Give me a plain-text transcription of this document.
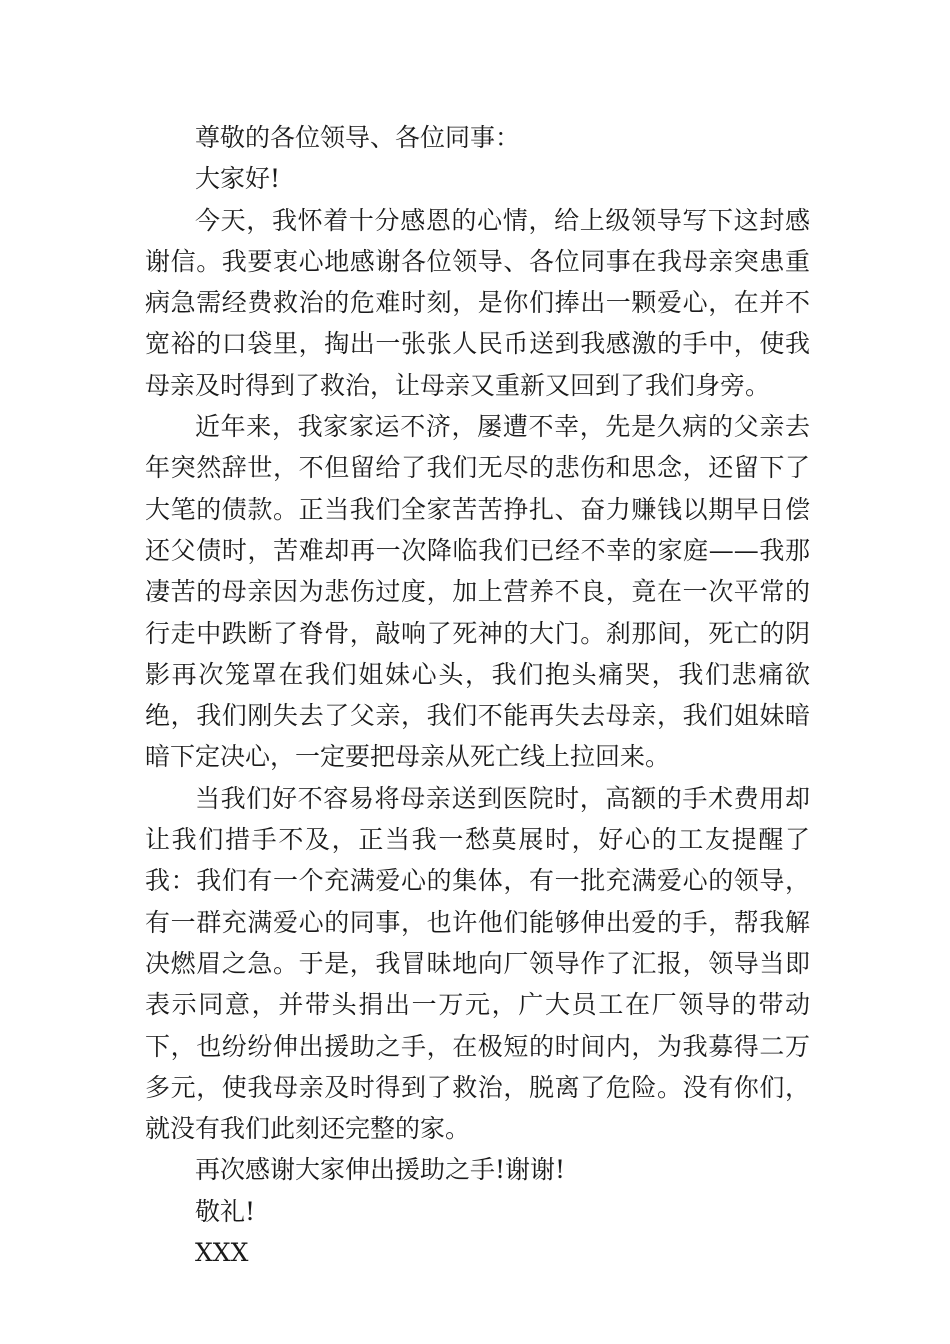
尊敬的各位领导、各位同事：

大家好!

今天，我怀着十分感恩的心情，给上级领导写下这封感谢信。我要衷心地感谢各位领导、各位同事在我母亲突患重病急需经费救治的危难时刻，是你们捧出一颗爱心，在并不宽裕的口袋里，掏出一张张人民币送到我感激的手中，使我母亲及时得到了救治，让母亲又重新又回到了我们身旁。

近年来，我家家运不济，屡遭不幸，先是久病的父亲去年突然辞世，不但留给了我们无尽的悲伤和思念，还留下了大笔的债款。正当我们全家苦苦挣扎、奋力赚钱以期早日偿还父债时，苦难却再一次降临我们已经不幸的家庭——我那凄苦的母亲因为悲伤过度，加上营养不良，竟在一次平常的行走中跌断了脊骨，敲响了死神的大门。刹那间，死亡的阴影再次笼罩在我们姐妹心头，我们抱头痛哭，我们悲痛欲绝，我们刚失去了父亲，我们不能再失去母亲，我们姐妹暗暗下定决心，一定要把母亲从死亡线上拉回来。

当我们好不容易将母亲送到医院时，高额的手术费用却让我们措手不及，正当我一愁莫展时，好心的工友提醒了我：我们有一个充满爱心的集体，有一批充满爱心的领导，有一群充满爱心的同事，也许他们能够伸出爱的手，帮我解决燃眉之急。于是，我冒昧地向厂领导作了汇报，领导当即表示同意，并带头捐出一万元，广大员工在厂领导的带动下，也纷纷伸出援助之手，在极短的时间内，为我募得二万多元，使我母亲及时得到了救治，脱离了危险。没有你们，就没有我们此刻还完整的家。

再次感谢大家伸出援助之手!谢谢!

敬礼!

XXX
